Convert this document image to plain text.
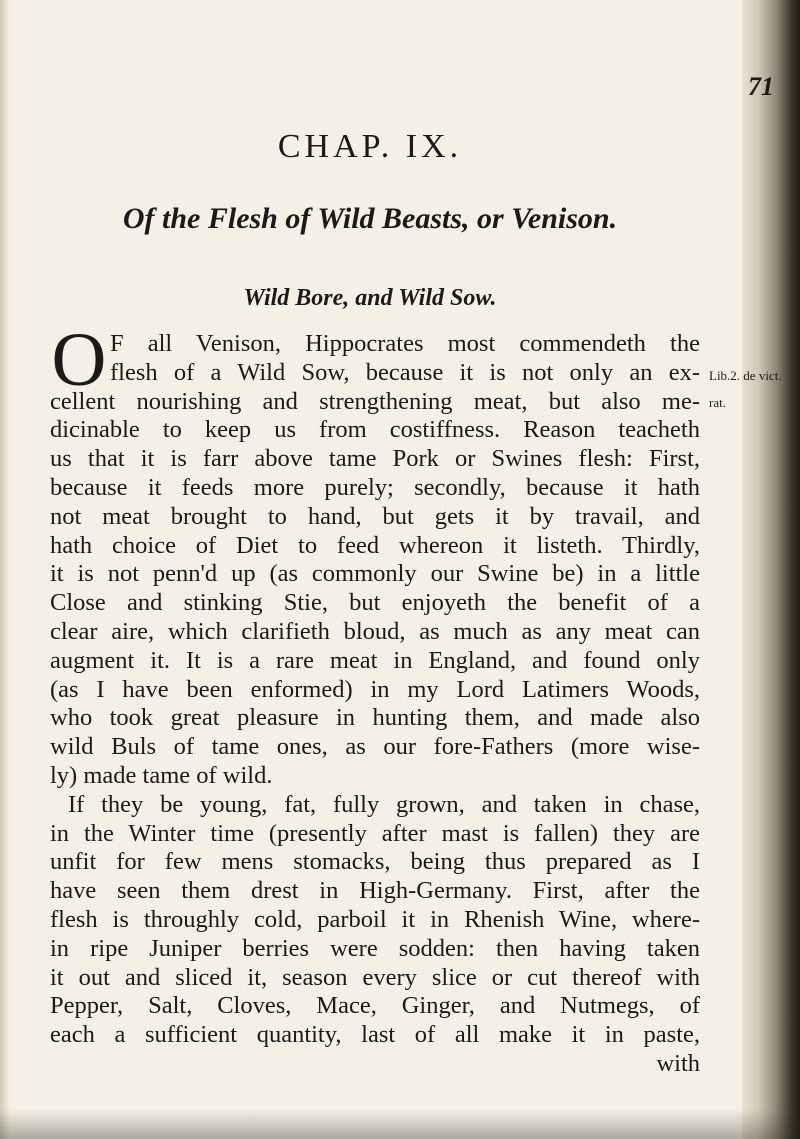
71
CHAP. IX.
Of the Flesh of Wild Beasts, or Venison.
Wild Bore, and Wild Sow.
Lib.2. de vict.
rat.
O F all Venison, Hippocrates most commendeth the
flesh of a Wild Sow, because it is not only an ex-
cellent nourishing and strengthening meat, but also me-
dicinable to keep us from costiffness. Reason teacheth
us that it is farr above tame Pork or Swines flesh: First,
because it feeds more purely; secondly, because it hath
not meat brought to hand, but gets it by travail, and
hath choice of Diet to feed whereon it listeth. Thirdly,
it is not penn'd up (as commonly our Swine be) in a little
Close and stinking Stie, but enjoyeth the benefit of a
clear aire, which clarifieth bloud, as much as any meat can
augment it. It is a rare meat in England, and found only
(as I have been enformed) in my Lord Latimers Woods,
who took great pleasure in hunting them, and made also
wild Buls of tame ones, as our fore-Fathers (more wise-
ly) made tame of wild.
If they be young, fat, fully grown, and taken in chase,
in the Winter time (presently after mast is fallen) they are
unfit for few mens stomacks, being thus prepared as I
have seen them drest in High-Germany. First, after the
flesh is throughly cold, parboil it in Rhenish Wine, where-
in ripe Juniper berries were sodden: then having taken
it out and sliced it, season every slice or cut thereof with
Pepper, Salt, Cloves, Mace, Ginger, and Nutmegs, of
each a sufficient quantity, last of all make it in paste,
with
